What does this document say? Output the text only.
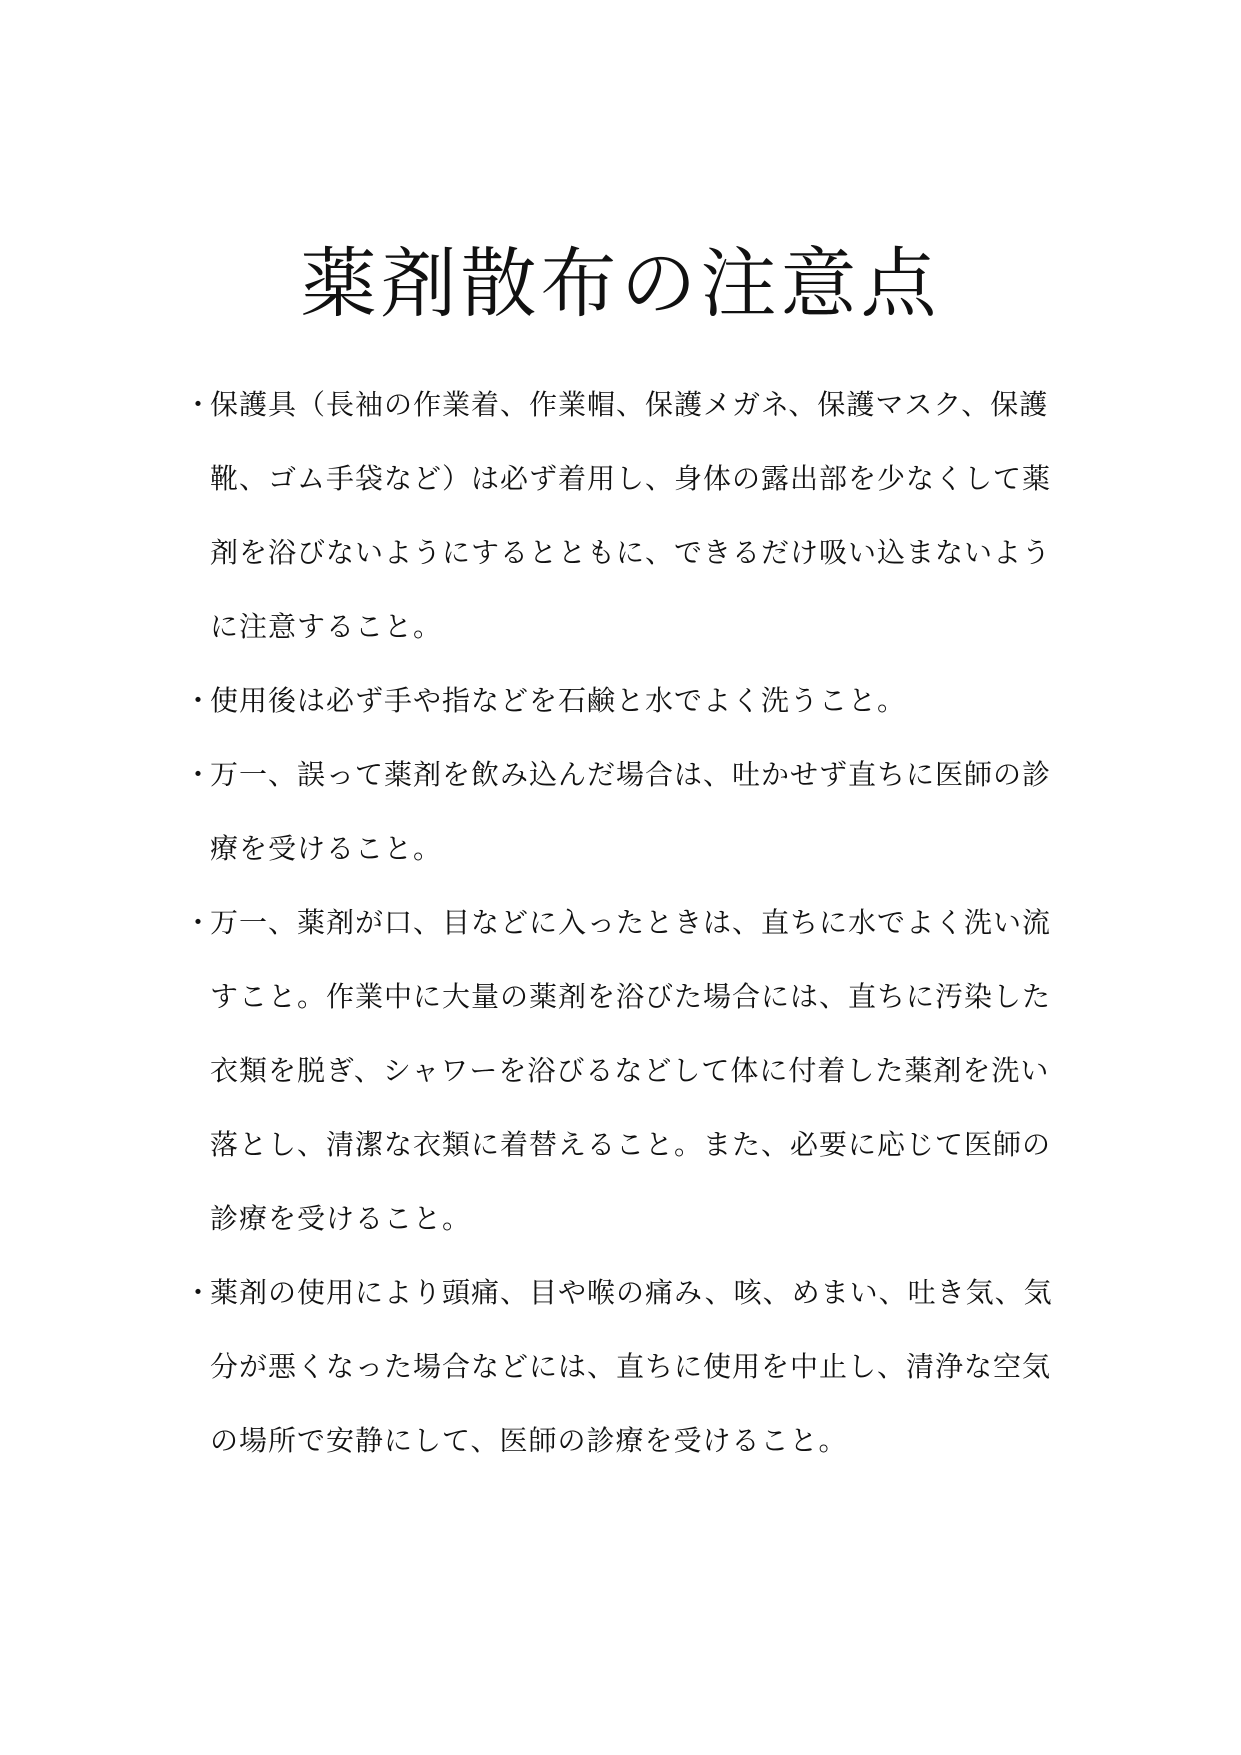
薬剤散布の注意点
・
保護具（長袖の作業着、作業帽、保護メガネ、保護マスク、保護靴、ゴム手袋など）は必ず着用し、身体の露出部を少なくして薬剤を浴びないようにするとともに、できるだけ吸い込まないように注意すること。
・
使用後は必ず手や指などを石鹸と水でよく洗うこと。
・
万一、誤って薬剤を飲み込んだ場合は、吐かせず直ちに医師の診療を受けること。
・
万一、薬剤が口、目などに入ったときは、直ちに水でよく洗い流すこと。作業中に大量の薬剤を浴びた場合には、直ちに汚染した衣類を脱ぎ、シャワーを浴びるなどして体に付着した薬剤を洗い落とし、清潔な衣類に着替えること。また、必要に応じて医師の診療を受けること。
・
薬剤の使用により頭痛、目や喉の痛み、咳、めまい、吐き気、気分が悪くなった場合などには、直ちに使用を中止し、清浄な空気の場所で安静にして、医師の診療を受けること。
